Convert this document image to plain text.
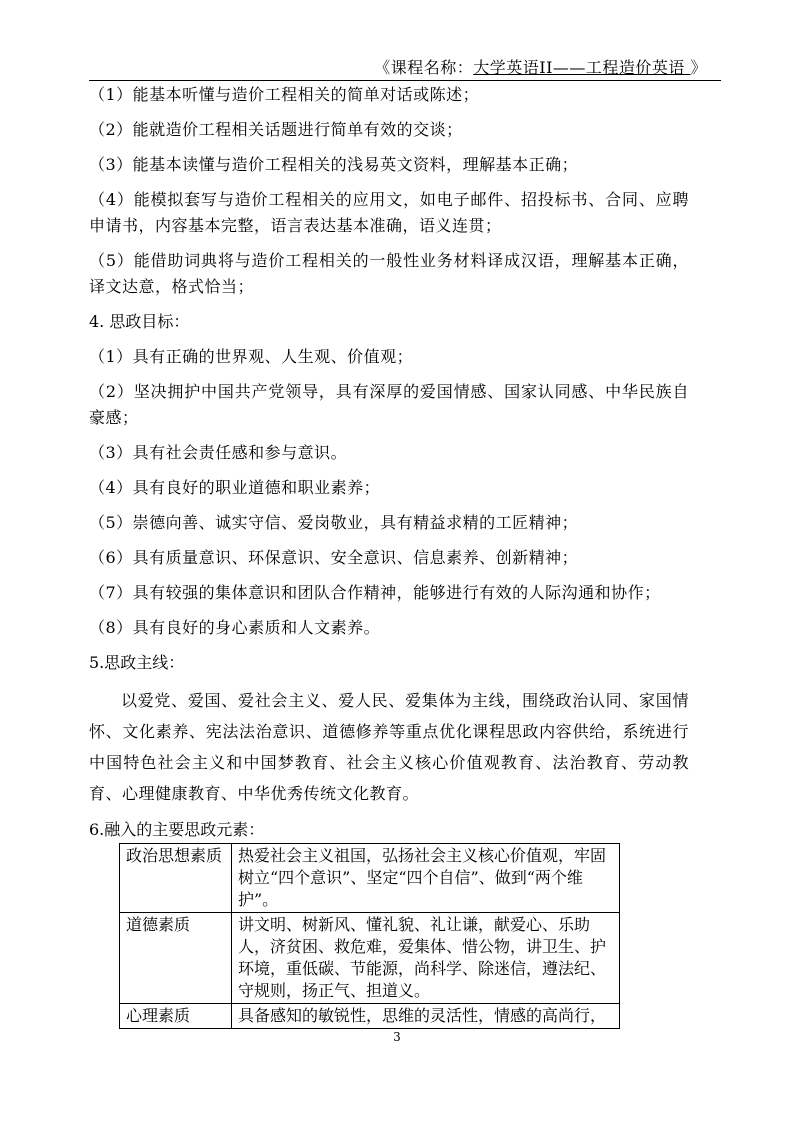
《课程名称：大学英语II——工程造价英语 》

（1）能基本听懂与造价工程相关的简单对话或陈述；

（2）能就造价工程相关话题进行简单有效的交谈；

（3）能基本读懂与造价工程相关的浅易英文资料，理解基本正确；

（4）能模拟套写与造价工程相关的应用文，如电子邮件、招投标书、合同、应聘申请书，内容基本完整，语言表达基本准确，语义连贯；

（5）能借助词典将与造价工程相关的一般性业务材料译成汉语，理解基本正确，译文达意，格式恰当；

4. 思政目标：

（1）具有正确的世界观、人生观、价值观；

（2）坚决拥护中国共产党领导，具有深厚的爱国情感、国家认同感、中华民族自豪感；

（3）具有社会责任感和参与意识。

（4）具有良好的职业道德和职业素养；

（5）崇德向善、诚实守信、爱岗敬业，具有精益求精的工匠精神；

（6）具有质量意识、环保意识、安全意识、信息素养、创新精神；

（7）具有较强的集体意识和团队合作精神，能够进行有效的人际沟通和协作；

（8）具有良好的身心素质和人文素养。

5.思政主线：

以爱党、爱国、爱社会主义、爱人民、爱集体为主线，围绕政治认同、家国情怀、文化素养、宪法法治意识、道德修养等重点优化课程思政内容供给，系统进行中国特色社会主义和中国梦教育、社会主义核心价值观教育、法治教育、劳动教育、心理健康教育、中华优秀传统文化教育。

6.融入的主要思政元素：

政治思想素质	热爱社会主义祖国，弘扬社会主义核心价值观，牢固树立“四个意识”、坚定“四个自信”、做到“两个维护”。
道德素质	讲文明、树新风、懂礼貌、礼让谦，献爱心、乐助人，济贫困、救危难，爱集体、惜公物，讲卫生、护环境，重低碳、节能源，尚科学、除迷信，遵法纪、守规则，扬正气、担道义。
心理素质	具备感知的敏锐性，思维的灵活性，情感的高尚行，
3
